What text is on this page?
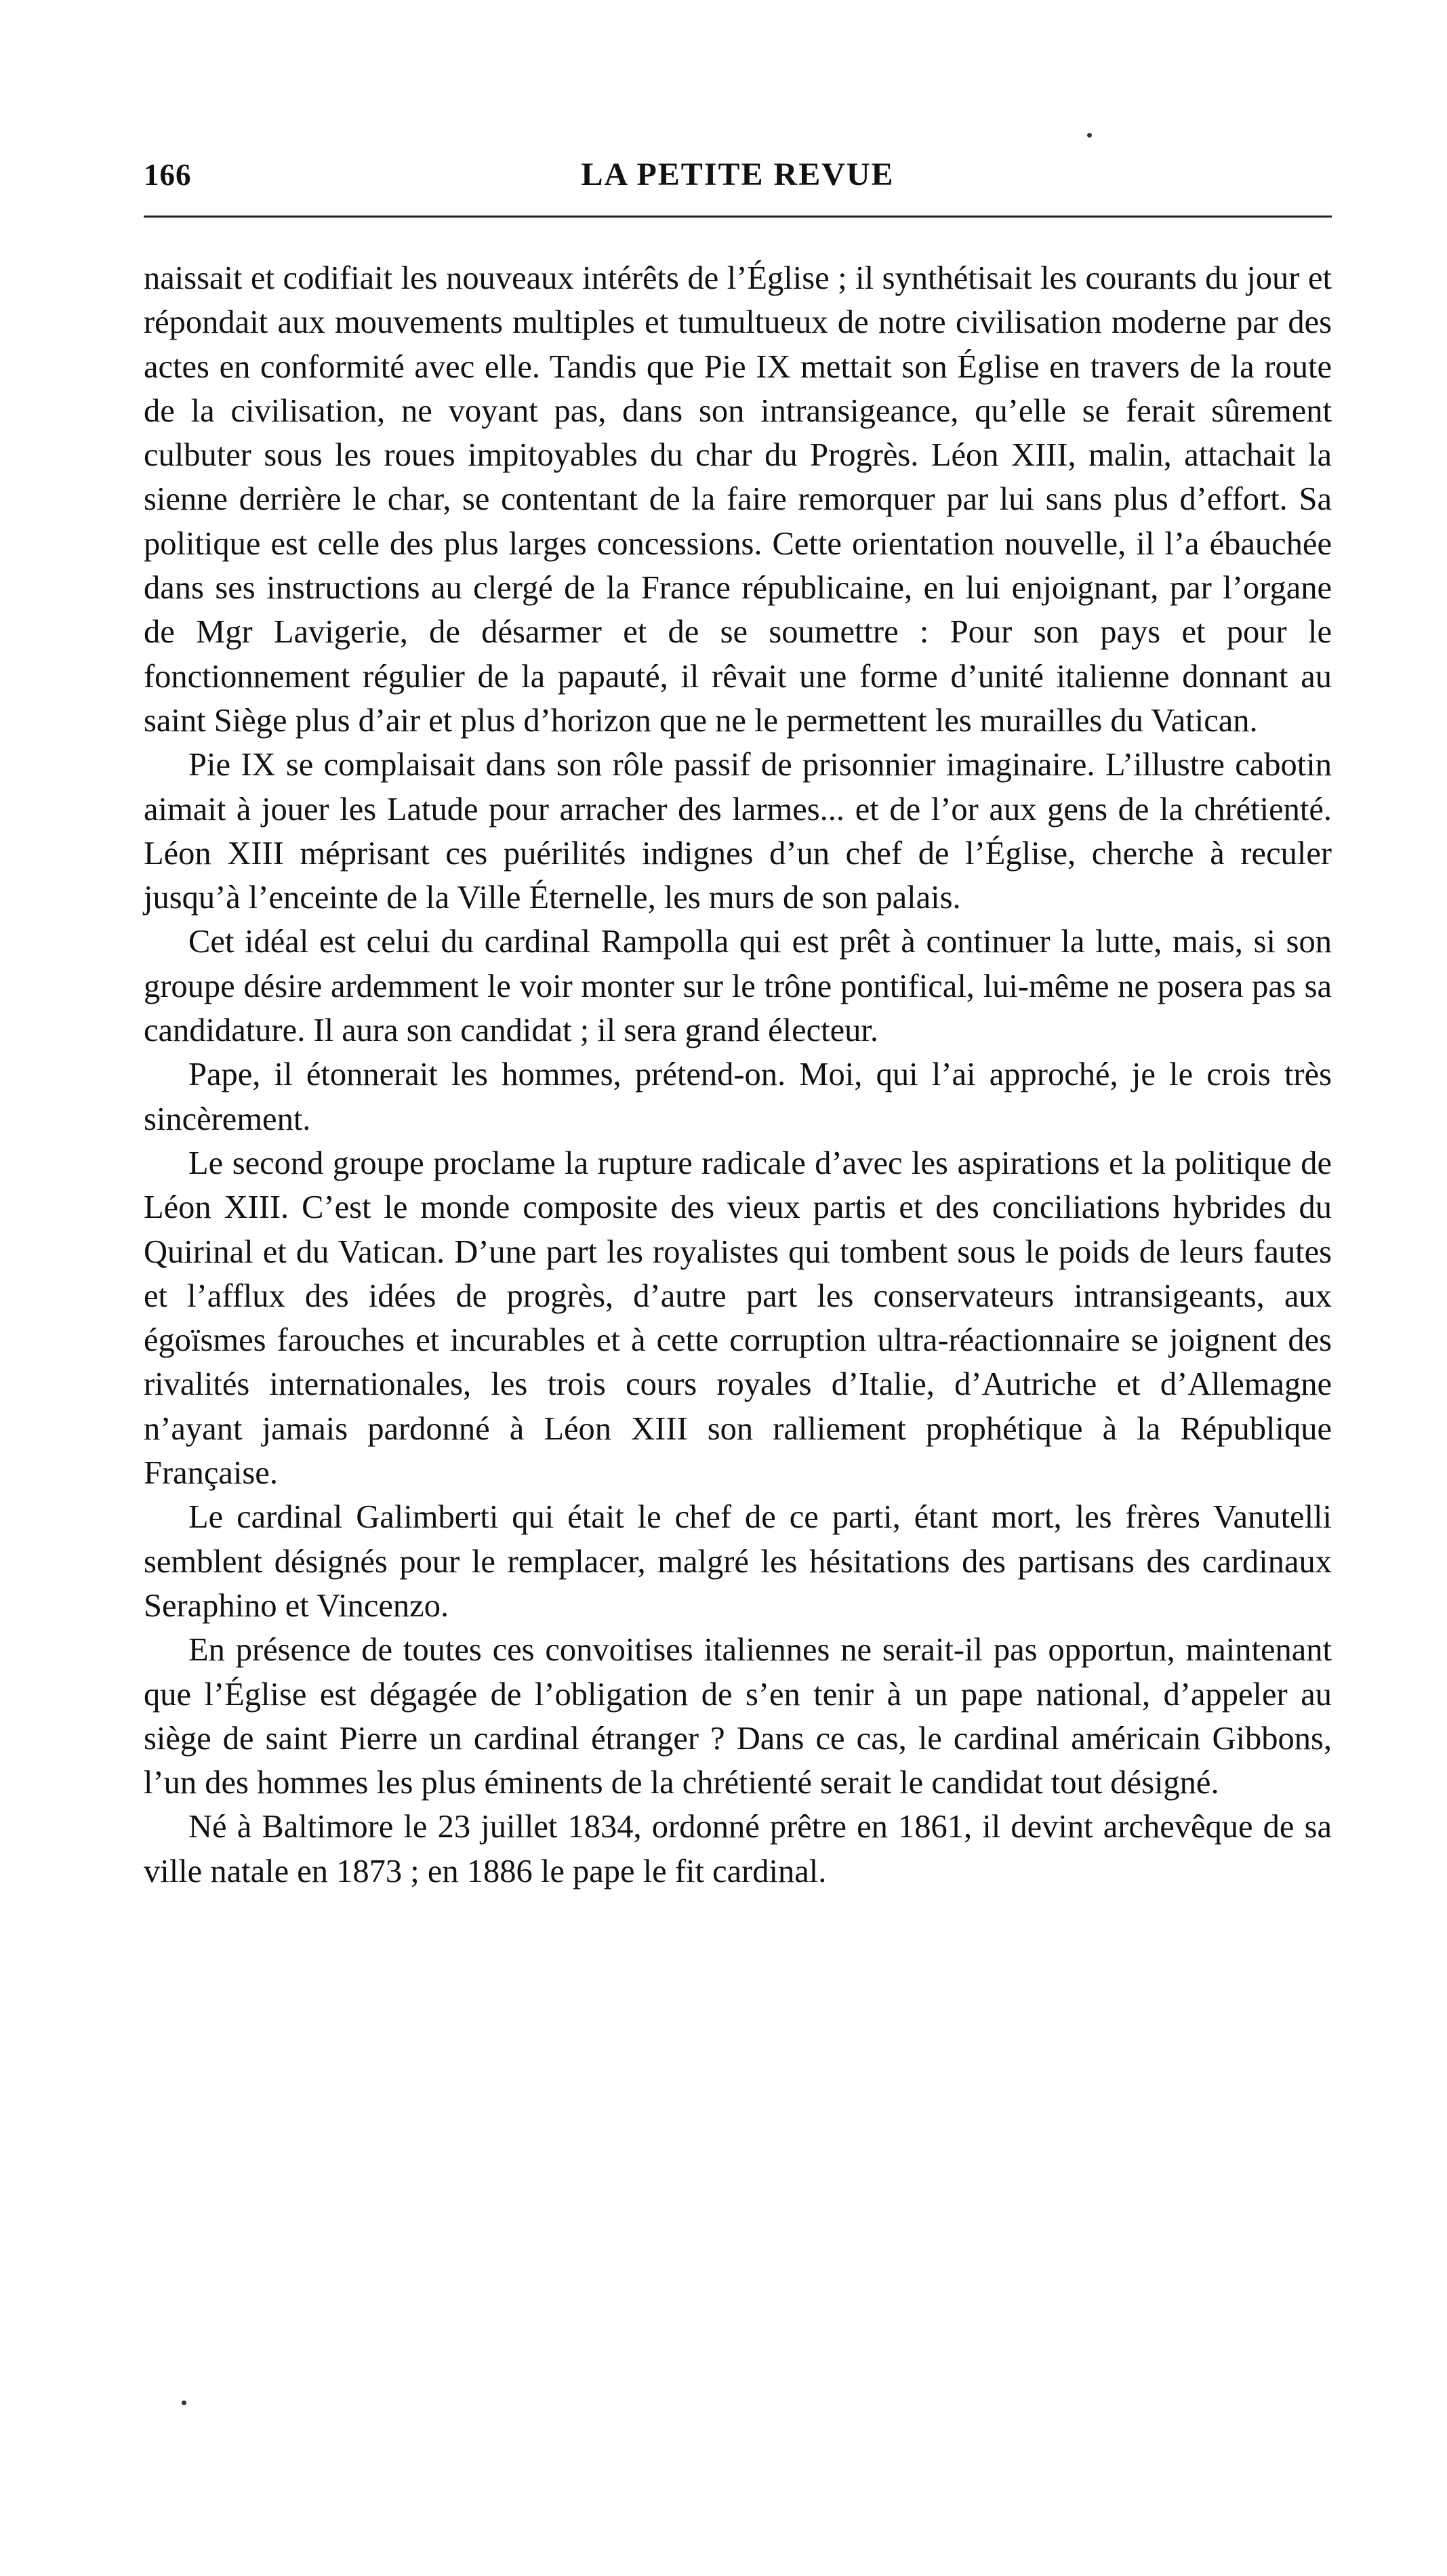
166	LA PETITE REVUE

naissait et codifiait les nouveaux intérêts de l’Église ; il synthétisait les courants du jour et répondait aux mouvements multiples et tumultueux de notre civilisation moderne par des actes en conformité avec elle. Tandis que Pie IX mettait son Église en travers de la route de la civilisation, ne voyant pas, dans son intransigeance, qu’elle se ferait sûrement culbuter sous les roues impitoyables du char du Progrès. Léon XIII, malin, attachait la sienne derrière le char, se contentant de la faire remorquer par lui sans plus d’effort. Sa politique est celle des plus larges concessions. Cette orientation nouvelle, il l’a ébauchée dans ses instructions au clergé de la France républicaine, en lui enjoignant, par l’organe de Mgr Lavigerie, de désarmer et de se soumettre : Pour son pays et pour le fonctionnement régulier de la papauté, il rêvait une forme d’unité italienne donnant au saint Siège plus d’air et plus d’horizon que ne le permettent les murailles du Vatican.

Pie IX se complaisait dans son rôle passif de prisonnier imaginaire. L’illustre cabotin aimait à jouer les Latude pour arracher des larmes... et de l’or aux gens de la chrétienté. Léon XIII méprisant ces puérilités indignes d’un chef de l’Église, cherche à reculer jusqu’à l’enceinte de la Ville Éternelle, les murs de son palais.

Cet idéal est celui du cardinal Rampolla qui est prêt à continuer la lutte, mais, si son groupe désire ardemment le voir monter sur le trône pontifical, lui-même ne posera pas sa candidature. Il aura son candidat ; il sera grand électeur.

Pape, il étonnerait les hommes, prétend-on. Moi, qui l’ai approché, je le crois très sincèrement.

Le second groupe proclame la rupture radicale d’avec les aspirations et la politique de Léon XIII. C’est le monde composite des vieux partis et des conciliations hybrides du Quirinal et du Vatican. D’une part les royalistes qui tombent sous le poids de leurs fautes et l’afflux des idées de progrès, d’autre part les conservateurs intransigeants, aux égoïsmes farouches et incurables et à cette corruption ultra-réactionnaire se joignent des rivalités internationales, les trois cours royales d’Italie, d’Autriche et d’Allemagne n’ayant jamais pardonné à Léon XIII son ralliement prophétique à la République Française.

Le cardinal Galimberti qui était le chef de ce parti, étant mort, les frères Vanutelli semblent désignés pour le remplacer, malgré les hésitations des partisans des cardinaux Seraphino et Vincenzo.

En présence de toutes ces convoitises italiennes ne serait-il pas opportun, maintenant que l’Église est dégagée de l’obligation de s’en tenir à un pape national, d’appeler au siège de saint Pierre un cardinal étranger ? Dans ce cas, le cardinal américain Gibbons, l’un des hommes les plus éminents de la chrétienté serait le candidat tout désigné.

Né à Baltimore le 23 juillet 1834, ordonné prêtre en 1861, il devint archevêque de sa ville natale en 1873 ; en 1886 le pape le fit cardinal.
